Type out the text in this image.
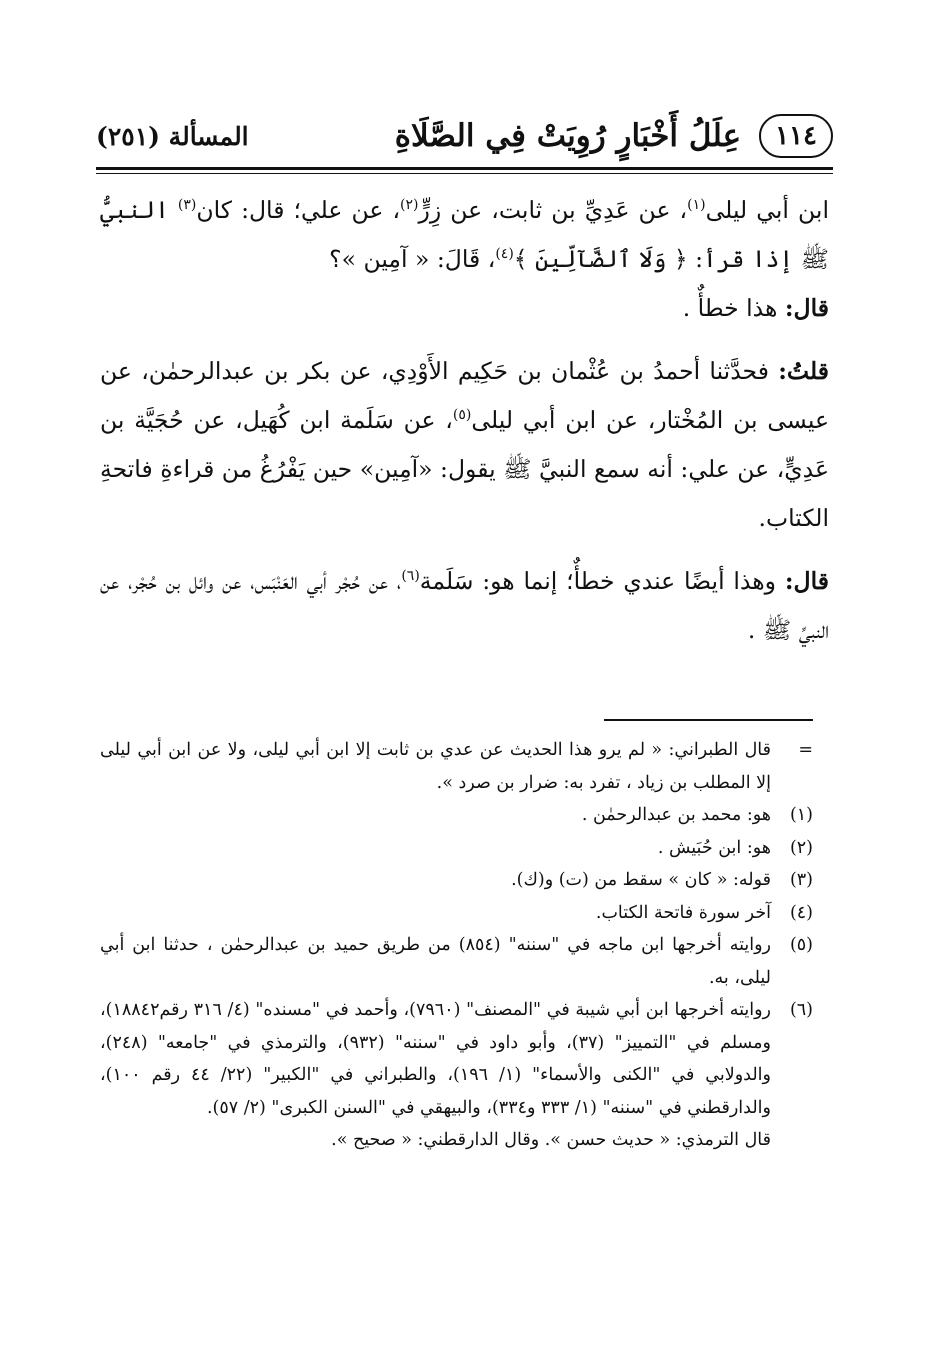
١١٤
عِلَلُ أَخْبَارٍ رُوِيَتْ فِي الصَّلَاةِ
المسألة (٢٥١)

ابن أبي ليلى$^{(١)}$، عن عَدِيِّ بن ثابت، عن زِرٍّ$^{(٢)}$، عن علي؛ قال: كان$^{(٣)}$ النبيُّ ﷺ إذا قرأ: ﴿ وَلَا ٱلضَّآلِّينَ ﴾$^{(٤)}$، قَالَ: « آمِين »؟

قال: هذا خطأٌ .

قلتُ: فحدَّثنا أحمدُ بن عُثْمان بن حَكِيم الأَوْدِي، عن بكر بن عبدالرحمٰن، عن عيسى بن المُخْتار، عن ابن أبي ليلى$^{(٥)}$، عن سَلَمة ابن كُهَيل، عن حُجَيَّة بن عَدِيٍّ، عن علي: أنه سمع النبيَّ ﷺ يقول: «آمِين» حين يَفْرُغُ من قراءةِ فاتحةِ الكتاب.

قال: وهذا أيضًا عندي خطأٌ؛ إنما هو: سَلَمة$^{(٦)}$، عن حُجْر أبي العَنْبَس، عن وائل بن حُجْر، عن النبيِّ ﷺ .

=
قال الطبراني: « لم يرو هذا الحديث عن عدي بن ثابت إلا ابن أبي ليلى، ولا عن ابن أبي ليلى إلا المطلب بن زياد ، تفرد به: ضرار بن صرد ».
(١)
هو: محمد بن عبدالرحمٰن .
(٢)
هو: ابن حُبَيش .
(٣)
قوله: « كان » سقط من (ت) و(ك).
(٤)
آخر سورة فاتحة الكتاب.
(٥)
روايته أخرجها ابن ماجه في "سننه" (٨٥٤) من طريق حميد بن عبدالرحمٰن ، حدثنا ابن أبي ليلى، به.
(٦)
روايته أخرجها ابن أبي شيبة في "المصنف" (٧٩٦٠)، وأحمد في "مسنده" (٤/ ٣١٦ رقم١٨٨٤٢)، ومسلم في "التمييز" (٣٧)، وأبو داود في "سننه" (٩٣٢)، والترمذي في "جامعه" (٢٤٨)، والدولابي في "الكنى والأسماء" (١/ ١٩٦)، والطبراني في "الكبير" (٢٢/ ٤٤ رقم ١٠٠)، والدارقطني في "سننه" (١/ ٣٣٣ و٣٣٤)، والبيهقي في "السنن الكبرى" (٢/ ٥٧).
قال الترمذي: « حديث حسن ». وقال الدارقطني: « صحيح ».
